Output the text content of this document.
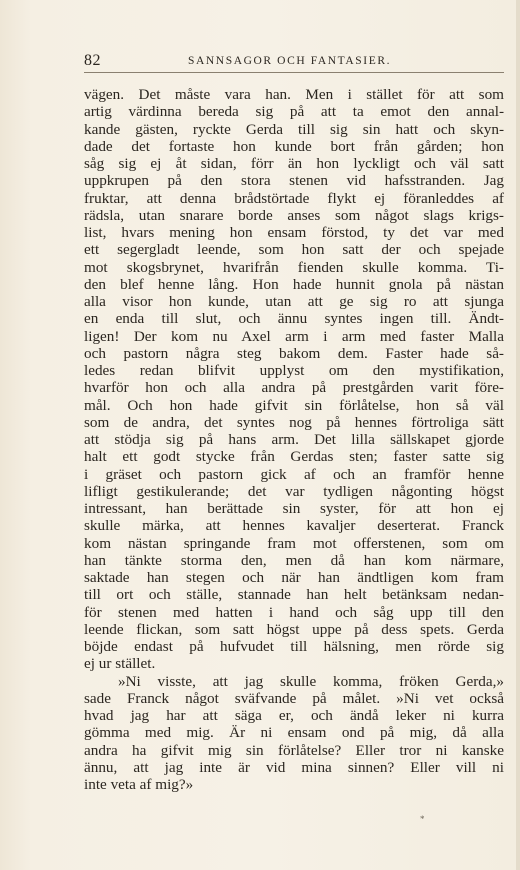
82	SANNSAGOR OCH FANTASIER.
vägen. Det måste vara han. Men i stället för att som
artig värdinna bereda sig på att ta emot den annal-
kande gästen, ryckte Gerda till sig sin hatt och skyn-
dade det fortaste hon kunde bort från gården; hon
såg sig ej åt sidan, förr än hon lyckligt och väl satt
uppkrupen på den stora stenen vid hafsstranden. Jag
fruktar, att denna brådstörtade flykt ej föranleddes af
rädsla, utan snarare borde anses som något slags krigs-
list, hvars mening hon ensam förstod, ty det var med
ett segergladt leende, som hon satt der och spejade
mot skogsbrynet, hvarifrån fienden skulle komma. Ti-
den blef henne lång. Hon hade hunnit gnola på nästan
alla visor hon kunde, utan att ge sig ro att sjunga
en enda till slut, och ännu syntes ingen till. Ändt-
ligen! Der kom nu Axel arm i arm med faster Malla
och pastorn några steg bakom dem. Faster hade så-
ledes redan blifvit upplyst om den mystifikation,
hvarför hon och alla andra på prestgården varit före-
mål. Och hon hade gifvit sin förlåtelse, hon så väl
som de andra, det syntes nog på hennes förtroliga sätt
att stödja sig på hans arm. Det lilla sällskapet gjorde
halt ett godt stycke från Gerdas sten; faster satte sig
i gräset och pastorn gick af och an framför henne
lifligt gestikulerande; det var tydligen någonting högst
intressant, han berättade sin syster, för att hon ej
skulle märka, att hennes kavaljer deserterat. Franck
kom nästan springande fram mot offerstenen, som om
han tänkte storma den, men då han kom närmare,
saktade han stegen och när han ändtligen kom fram
till ort och ställe, stannade han helt betänksam nedan-
för stenen med hatten i hand och såg upp till den
leende flickan, som satt högst uppe på dess spets. Gerda
böjde endast på hufvudet till hälsning, men rörde sig
ej ur stället.
»Ni visste, att jag skulle komma, fröken Gerda,»
sade Franck något sväfvande på målet. »Ni vet också
hvad jag har att säga er, och ändå leker ni kurra
gömma med mig. Är ni ensam ond på mig, då alla
andra ha gifvit mig sin förlåtelse? Eller tror ni kanske
ännu, att jag inte är vid mina sinnen? Eller vill ni
inte veta af mig?»
*
